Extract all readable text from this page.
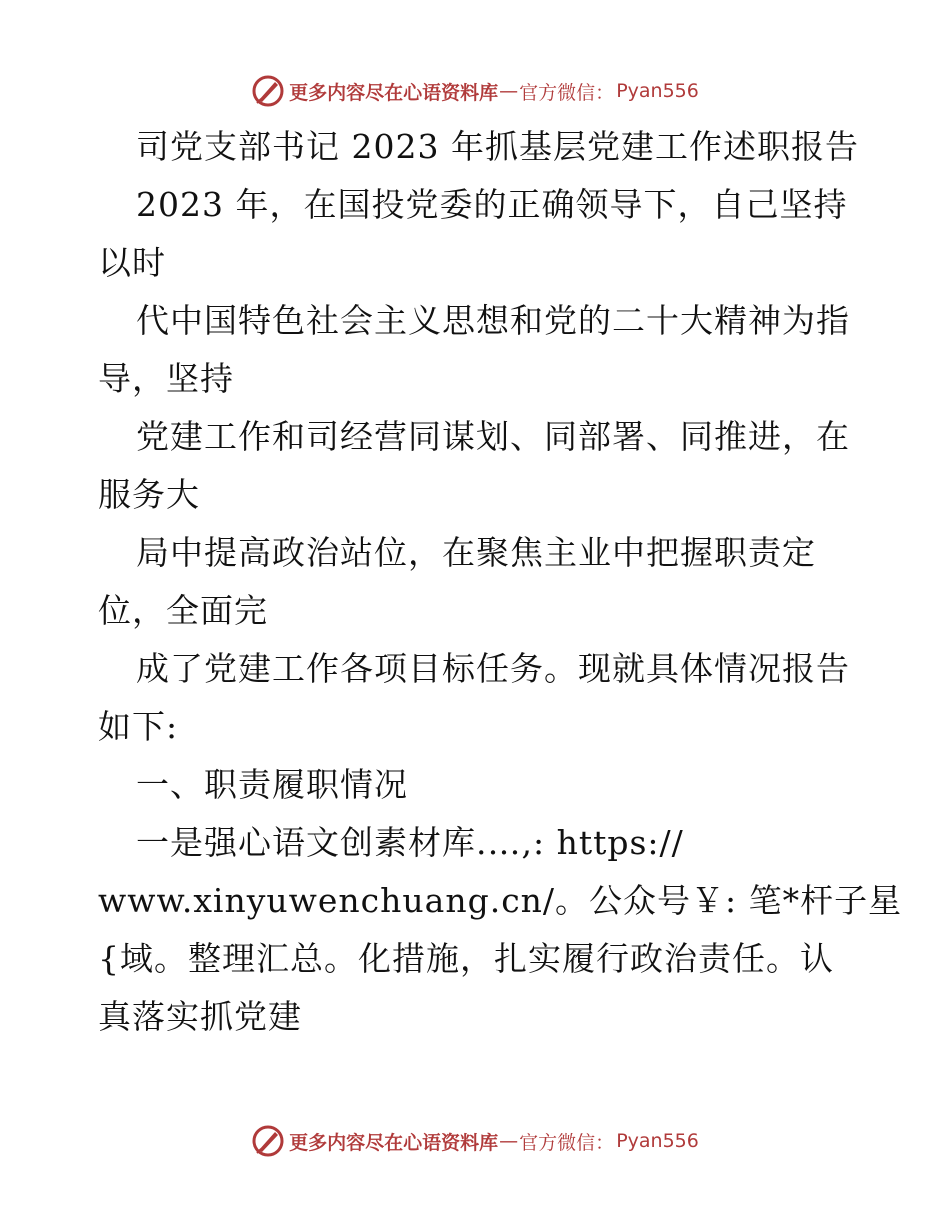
更多内容尽在心语资料库 — 官方微信： Pyan556
司党支部书记 2023 年抓基层党建工作述职报告
2023 年，在国投党委的正确领导下，自己坚持
以时
代中国特色社会主义思想和党的二十大精神为指
导，坚持
党建工作和司经营同谋划、同部署、同推进，在
服务大
局中提高政治站位，在聚焦主业中把握职责定
位，全面完
成了党建工作各项目标任务。现就具体情况报告
如下:
一、职责履职情况
一是强心语文创素材库.…,: https://
www.xinyuwenchuang.cn/。公众号￥: 笔*杆子星
{域。整理汇总。化措施，扎实履行政治责任。认
真落实抓党建
更多内容尽在心语资料库 — 官方微信： Pyan556
